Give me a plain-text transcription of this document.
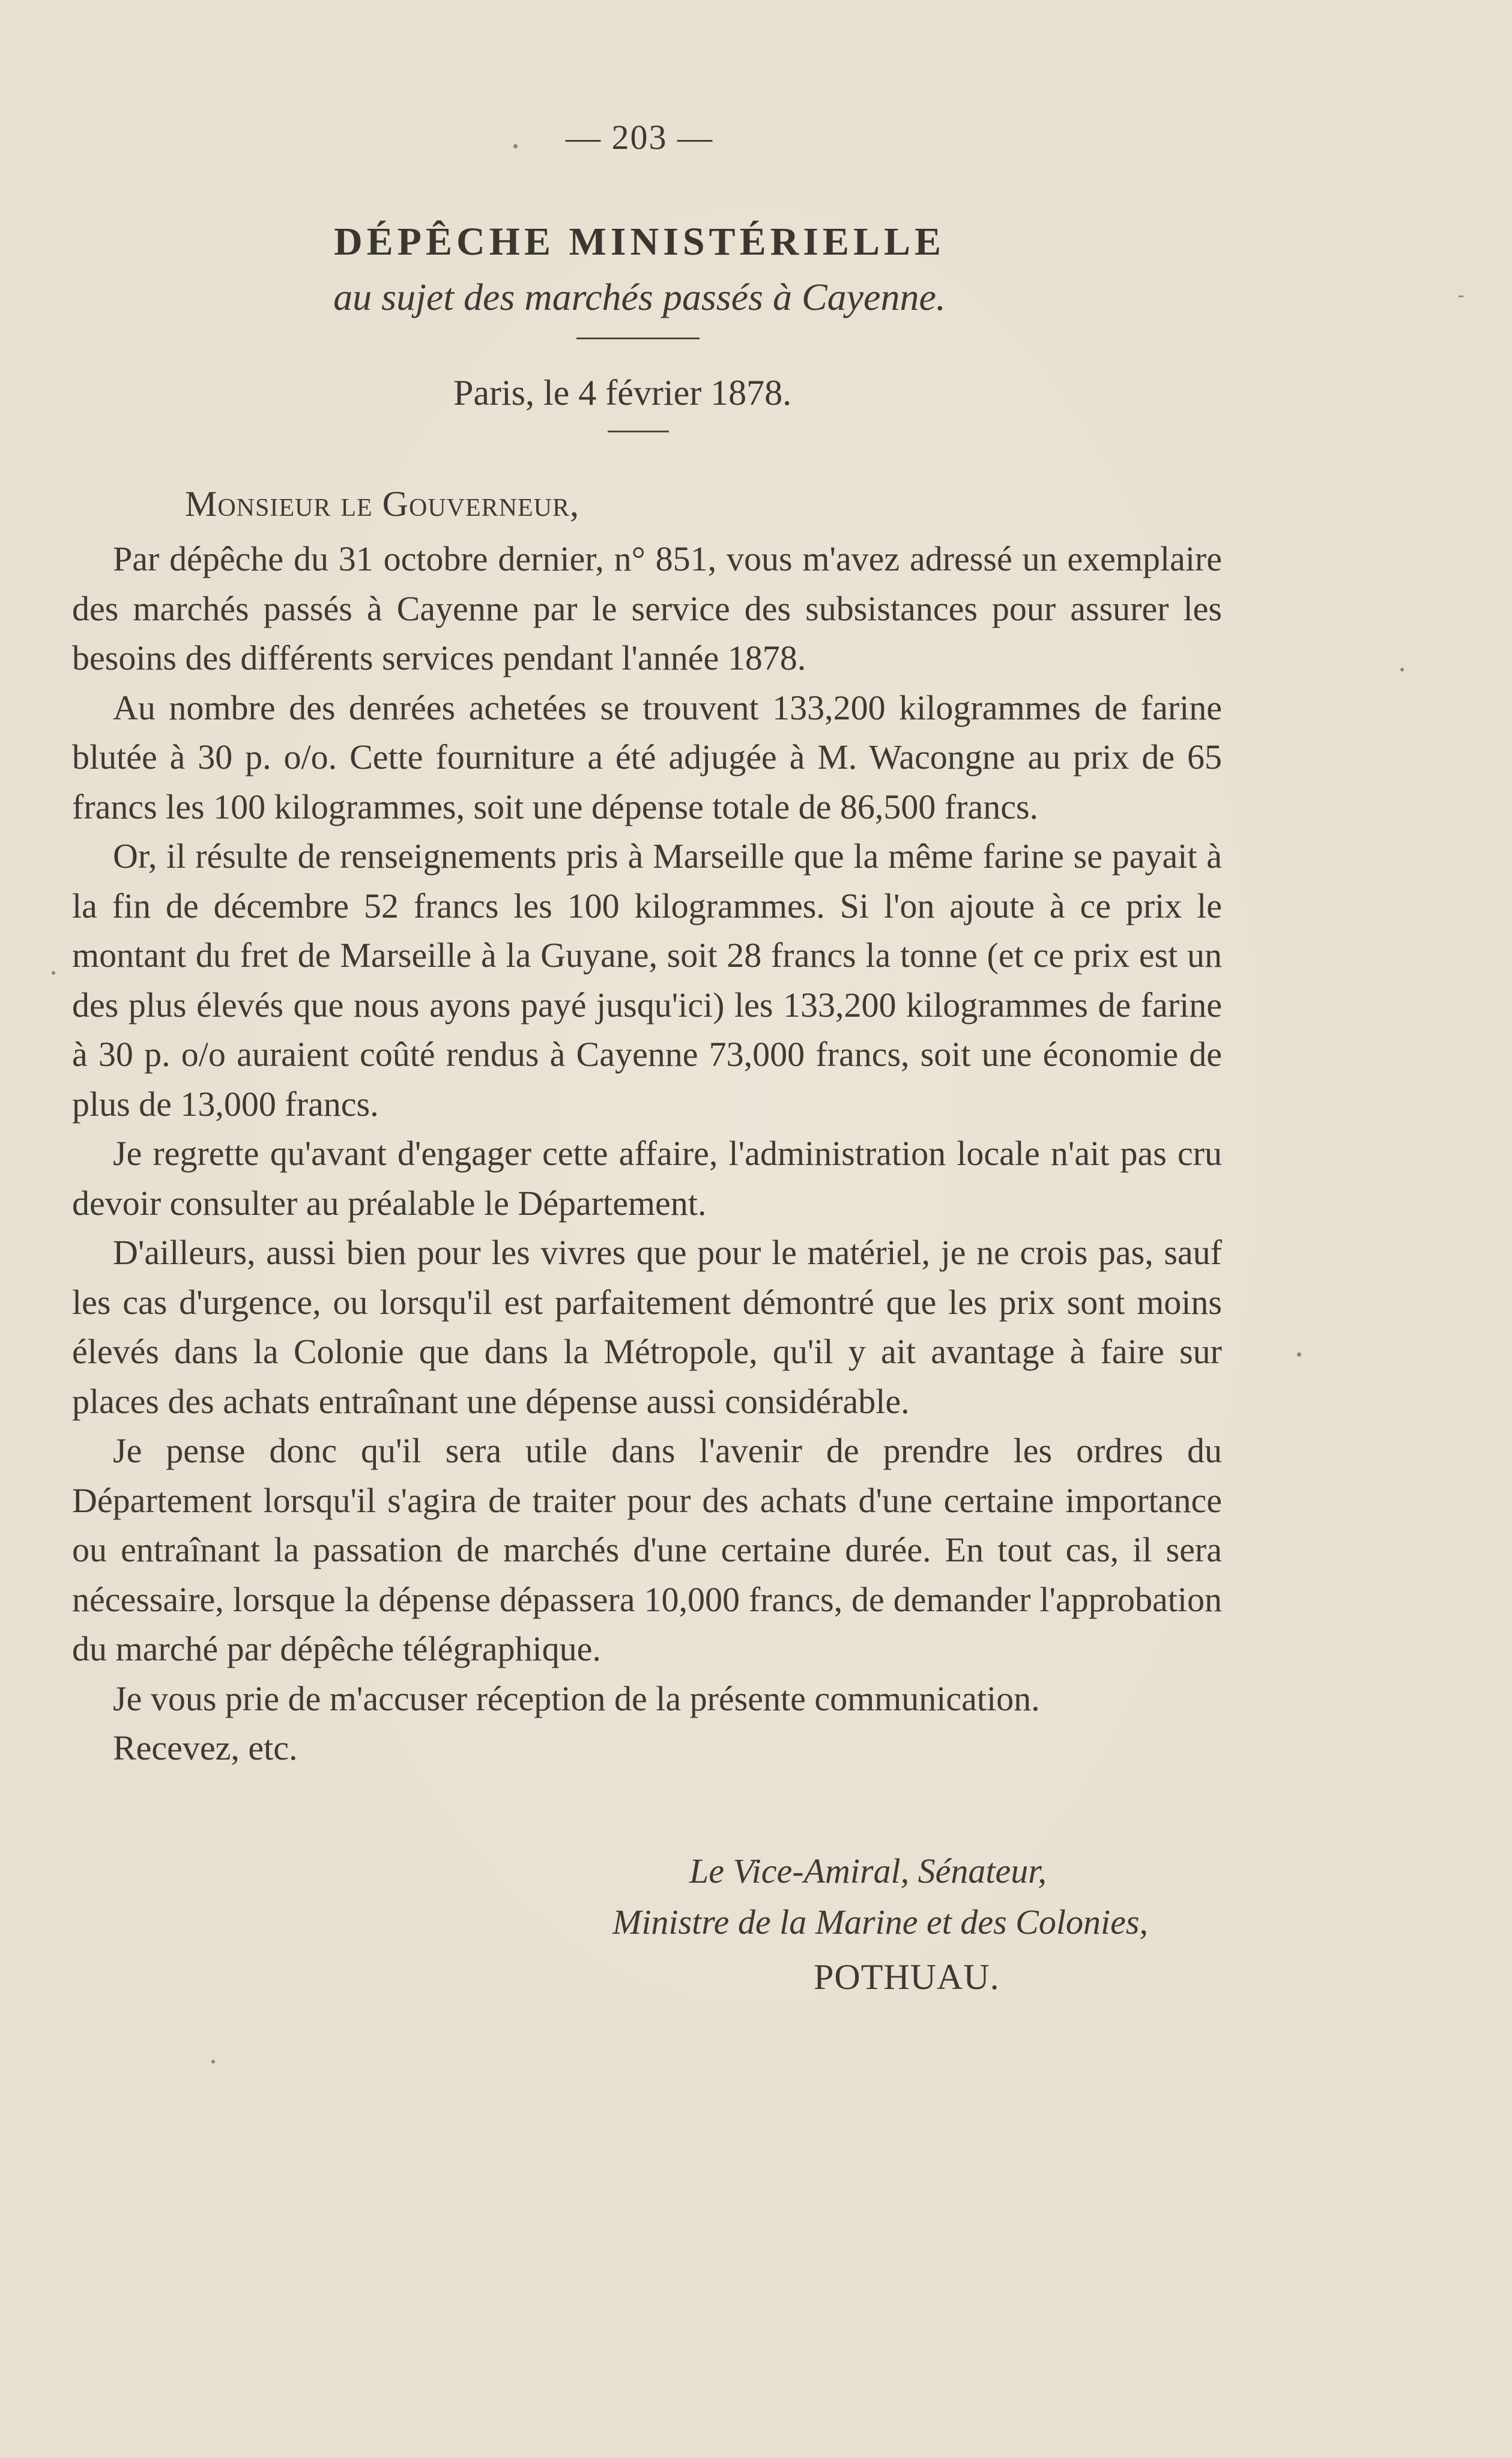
— 203 —
DÉPÊCHE MINISTÉRIELLE
au sujet des marchés passés à Cayenne.
Paris, le 4 février 1878.
Monsieur le Gouverneur,

Par dépêche du 31 octobre dernier, n° 851, vous m'avez adressé un exemplaire des marchés passés à Cayenne par le service des subsistances pour assurer les besoins des différents services pendant l'année 1878.

Au nombre des denrées achetées se trouvent 133,200 kilogrammes de farine blutée à 30 p. o/o. Cette fourniture a été adjugée à M. Wacongne au prix de 65 francs les 100 kilogrammes, soit une dépense totale de 86,500 francs.

Or, il résulte de renseignements pris à Marseille que la même farine se payait à la fin de décembre 52 francs les 100 kilogrammes. Si l'on ajoute à ce prix le montant du fret de Marseille à la Guyane, soit 28 francs la tonne (et ce prix est un des plus élevés que nous ayons payé jusqu'ici) les 133,200 kilogrammes de farine à 30 p. o/o auraient coûté rendus à Cayenne 73,000 francs, soit une économie de plus de 13,000 francs.

Je regrette qu'avant d'engager cette affaire, l'administration locale n'ait pas cru devoir consulter au préalable le Département.

D'ailleurs, aussi bien pour les vivres que pour le matériel, je ne crois pas, sauf les cas d'urgence, ou lorsqu'il est parfaitement démontré que les prix sont moins élevés dans la Colonie que dans la Métropole, qu'il y ait avantage à faire sur places des achats entraînant une dépense aussi considérable.

Je pense donc qu'il sera utile dans l'avenir de prendre les ordres du Département lorsqu'il s'agira de traiter pour des achats d'une certaine importance ou entraînant la passation de marchés d'une certaine durée. En tout cas, il sera nécessaire, lorsque la dépense dépassera 10,000 francs, de demander l'approbation du marché par dépêche télégraphique.

Je vous prie de m'accuser réception de la présente communication.

Recevez, etc.

Le Vice-Amiral, Sénateur,
Ministre de la Marine et des Colonies,
POTHUAU.
